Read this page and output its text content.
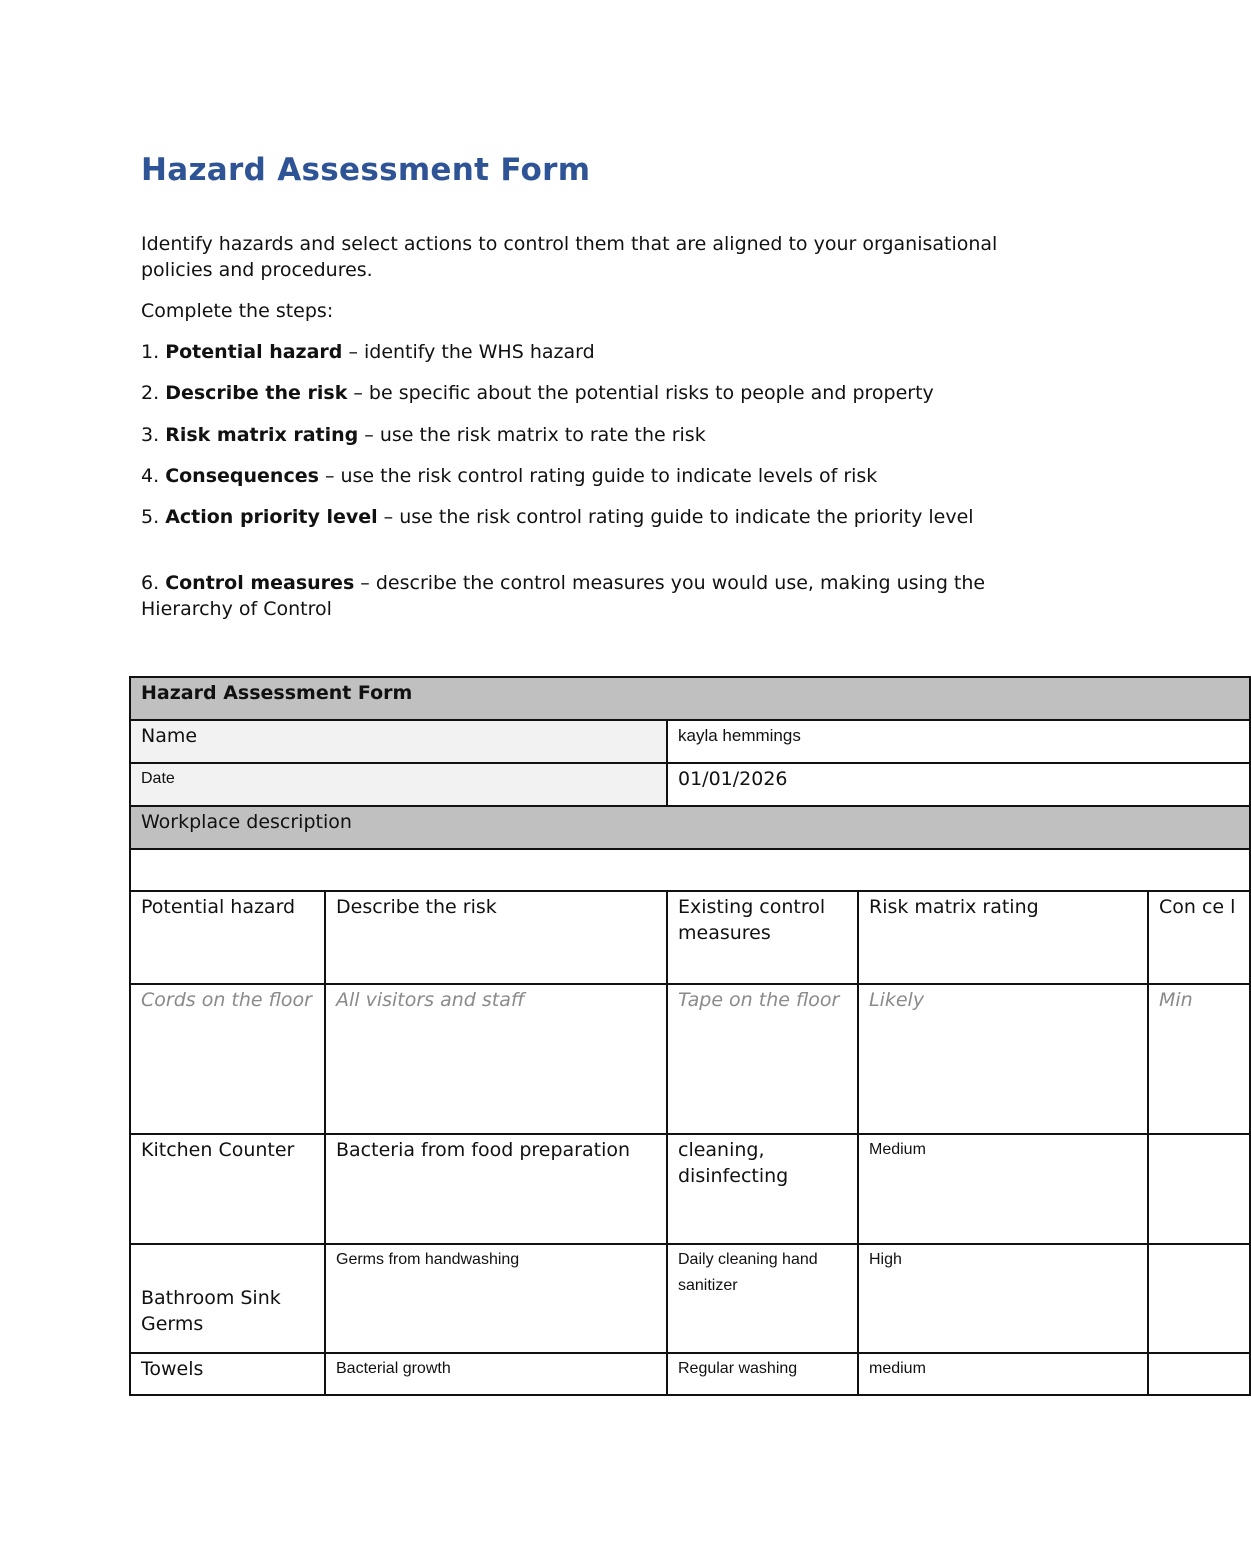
Hazard Assessment Form

Identify hazards and select actions to control them that are aligned to your organisational policies and procedures.

Complete the steps:

1. Potential hazard – identify the WHS hazard

2. Describe the risk – be specific about the potential risks to people and property

3. Risk matrix rating – use the risk matrix to rate the risk

4. Consequences – use the risk control rating guide to indicate levels of risk

5. Action priority level – use the risk control rating guide to indicate the priority level

6. Control measures – describe the control measures you would use, making using the Hierarchy of Control

Hazard Assessment Form				
Name		kayla hemmings		
Date		01/01/2026		
Workplace description				

Potential hazard	Describe the risk	Existing control measures	Risk matrix rating	Con ce l
Cords on the floor	All visitors and staff	Tape on the floor	Likely	Min
Kitchen Counter	Bacteria from food preparation	cleaning, disinfecting	Medium	
Bathroom Sink Germs	Germs from handwashing	Daily cleaning hand sanitizer	High	
Towels	Bacterial growth	Regular washing	medium	
